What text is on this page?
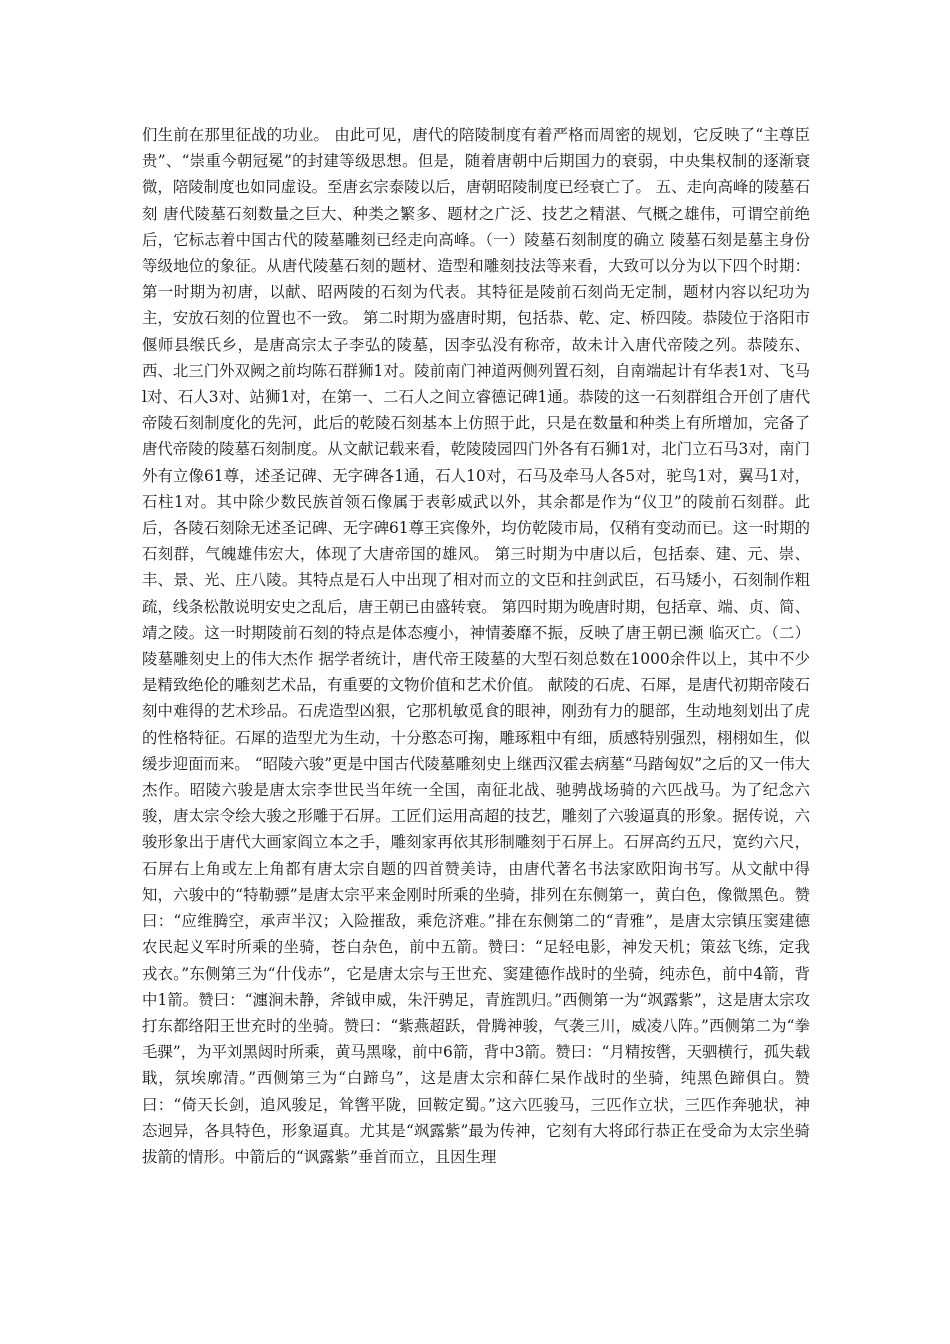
们生前在那里征战的功业。 由此可见，唐代的陪陵制度有着严格而周密的规划，它反映了“主尊臣贵”、“崇重今朝冠冕”的封建等级思想。但是，随着唐朝中后期国力的衰弱，中央集权制的逐渐衰微，陪陵制度也如同虚设。至唐玄宗泰陵以后，唐朝昭陵制度已经衰亡了。 五、走向高峰的陵墓石刻 唐代陵墓石刻数量之巨大、种类之繁多、题材之广泛、技艺之精湛、气概之雄伟，可谓空前绝后，它标志着中国古代的陵墓雕刻已经走向高峰。（一）陵墓石刻制度的确立 陵墓石刻是墓主身份等级地位的象征。从唐代陵墓石刻的题材、造型和雕刻技法等来看，大致可以分为以下四个时期： 第一时期为初唐，以献、昭两陵的石刻为代表。其特征是陵前石刻尚无定制，题材内容以纪功为主，安放石刻的位置也不一致。 第二时期为盛唐时期，包括恭、乾、定、桥四陵。恭陵位于洛阳市偃师县缑氏乡，是唐高宗太子李弘的陵墓，因李弘没有称帝，故未计入唐代帝陵之列。恭陵东、西、北三门外双阙之前均陈石群狮1对。陵前南门神道两侧列置石刻，自南端起计有华表1对、飞马l对、石人3对、站狮1对，在第一、二石人之间立睿德记碑1通。恭陵的这一石刻群组合开创了唐代帝陵石刻制度化的先河，此后的乾陵石刻基本上仿照于此，只是在数量和种类上有所增加，完备了唐代帝陵的陵墓石刻制度。从文献记载来看，乾陵陵园四门外各有石狮1对，北门立石马3对，南门外有立像61尊，述圣记碑、无字碑各1通，石人10对，石马及牵马人各5对，驼鸟1对，翼马1对，石柱1对。其中除少数民族首领石像属于表彰威武以外，其余都是作为“仪卫”的陵前石刻群。此后，各陵石刻除无述圣记碑、无字碑61尊王宾像外，均仿乾陵市局，仅稍有变动而已。这一时期的石刻群，气魄雄伟宏大，体现了大唐帝国的雄风。 第三时期为中唐以后，包括泰、建、元、崇、丰、景、光、庄八陵。其特点是石人中出现了相对而立的文臣和拄剑武臣，石马矮小，石刻制作粗疏，线条松散说明安史之乱后，唐王朝已由盛转衰。 第四时期为晚唐时期，包括章、端、贞、简、靖之陵。这一时期陵前石刻的特点是体态瘦小，神情萎靡不振，反映了唐王朝已濒 临灭亡。（二）陵墓雕刻史上的伟大杰作 据学者统计，唐代帝王陵墓的大型石刻总数在1000余件以上，其中不少是精致绝伦的雕刻艺术品，有重要的文物价值和艺术价值。 献陵的石虎、石犀，是唐代初期帝陵石刻中难得的艺术珍品。石虎造型凶狠，它那机敏觅食的眼神，刚劲有力的腿部，生动地刻划出了虎的性格特征。石犀的造型尤为生动，十分憨态可掬，雕琢粗中有细，质感特别强烈，栩栩如生，似缓步迎面而来。 “昭陵六骏”更是中国古代陵墓雕刻史上继西汉霍去病墓“马踏匈奴”之后的又一伟大杰作。昭陵六骏是唐太宗李世民当年统一全国，南征北战、驰骋战场骑的六匹战马。为了纪念六骏，唐太宗令绘大骏之形雕于石屏。工匠们运用高超的技艺，雕刻了六骏逼真的形象。据传说，六骏形象出于唐代大画家阎立本之手，雕刻家再依其形制雕刻于石屏上。石屏高约五尺，宽约六尺，石屏右上角或左上角都有唐太宗自题的四首赞美诗，由唐代著名书法家欧阳询书写。从文献中得知，六骏中的“特勒骠”是唐太宗平来金刚时所乘的坐骑，排列在东侧第一，黄白色，像微黑色。赞曰：“应维腾空，承声半汉；入险摧敌，乘危济难。”排在东侧第二的“青雅”，是唐太宗镇压窦建德农民起义军时所乘的坐骑，苍白杂色，前中五箭。赞曰：“足轻电影，神发天机；策兹飞练，定我戎衣。”东侧第三为“什伐赤”，它是唐太宗与王世充、窦建德作战时的坐骑，纯赤色，前中4箭，背中1箭。赞曰：“瀍涧未静，斧钺申威，朱汗骋足，青旌凯归。”西侧第一为“飒露紫”，这是唐太宗攻打东都络阳王世充时的坐骑。赞曰：“紫燕超跃，骨腾神骏，气袭三川，威凌八阵。”西侧第二为“拳毛骒”，为平刘黑闼时所乘，黄马黑喙，前中6箭，背中3箭。赞曰：“月精按辔，天驷横行，孤失载戢，氛埃廓清。”西侧第三为“白蹄乌”，这是唐太宗和薛仁杲作战时的坐骑，纯黑色蹄俱白。赞曰：“倚天长剑，追风骏足，耸辔平陇，回鞍定蜀。”这六匹骏马，三匹作立状，三匹作奔驰状，神态迥异，各具特色，形象逼真。尤其是“飒露紫”最为传神，它刻有大将邱行恭正在受命为太宗坐骑拔箭的情形。中箭后的“讽露紫”垂首而立，且因生理
